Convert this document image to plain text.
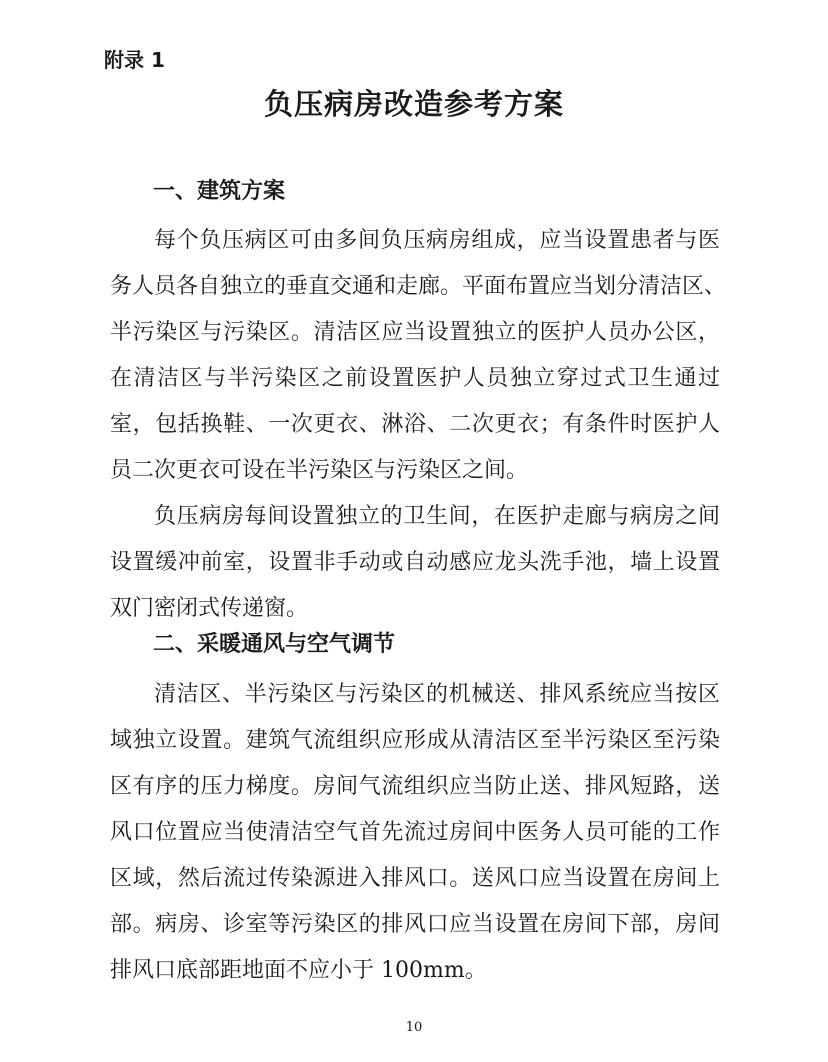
附录 1
负压病房改造参考方案
一、建筑方案
每个负压病区可由多间负压病房组成，应当设置患者与医
务人员各自独立的垂直交通和走廊。平面布置应当划分清洁区、
半污染区与污染区。清洁区应当设置独立的医护人员办公区，
在清洁区与半污染区之前设置医护人员独立穿过式卫生通过
室，包括换鞋、一次更衣、淋浴、二次更衣；有条件时医护人
员二次更衣可设在半污染区与污染区之间。
负压病房每间设置独立的卫生间，在医护走廊与病房之间
设置缓冲前室，设置非手动或自动感应龙头洗手池，墙上设置
双门密闭式传递窗。
二、采暖通风与空气调节
清洁区、半污染区与污染区的机械送、排风系统应当按区
域独立设置。建筑气流组织应形成从清洁区至半污染区至污染
区有序的压力梯度。房间气流组织应当防止送、排风短路，送
风口位置应当使清洁空气首先流过房间中医务人员可能的工作
区域，然后流过传染源进入排风口。送风口应当设置在房间上
部。病房、诊室等污染区的排风口应当设置在房间下部，房间
排风口底部距地面不应小于 100mm。
10
